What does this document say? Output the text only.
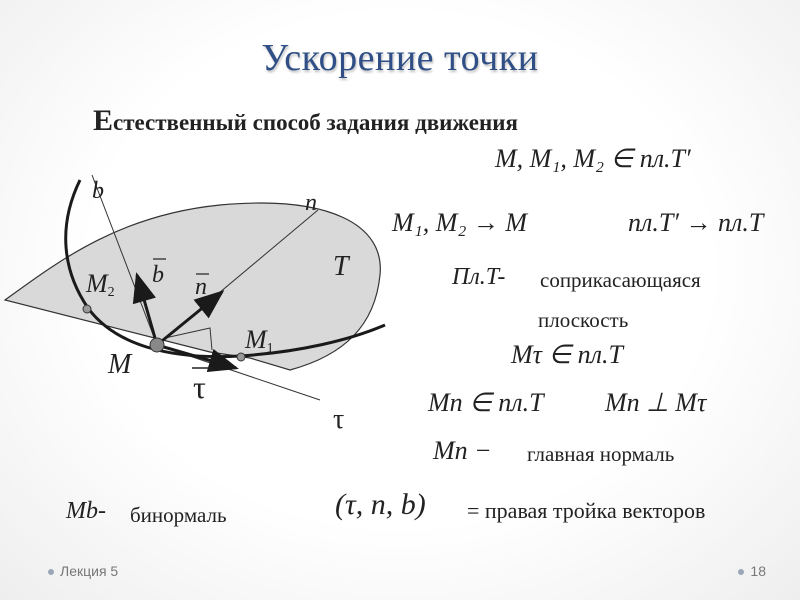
Ускорение точки
Естественный способ задания движения
b	n
T
M2
b n
M1
M
τ
τ
M, M₁, M₂ ∈ пл.T′
M₁, M₂ → M	пл.T′ → пл.T
Пл.T- соприкасающаяся
плоскость
Mτ ∈ пл.T
Mn ∈ пл.T Mn ⊥ Mτ
Mn − главная нормаль
Mb- бинормаль	(τ, n, b) = правая тройка векторов
Лекция 5	18
